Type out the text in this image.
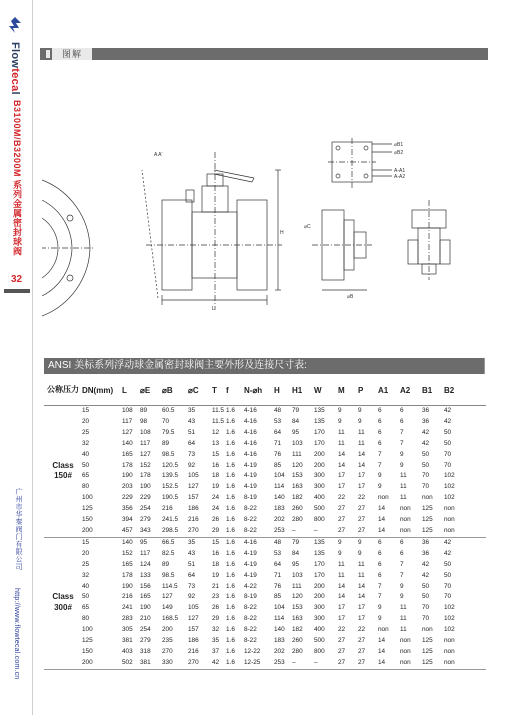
Flowtecal
B3100M/B3200M 系列金属密封球阀
32
广州市华秦阀门有限公司
http://www.flowtecal.com.cn
图解
A A'
L
H
⌀B1
⌀B2
A-A1
A-A2
⌀B
⌀C
ANSI 美标系列浮动球金属密封球阀主要外形及连接尺寸表:
公称压力	DN(mm)	L	⌀E	⌀B	⌀C	T	f	N-⌀h	H	H1	W	M	P	A1	A2	B1	B2

Class
150#	15	108	89	60.5	35	11.5	1.6	4-16	48	79	135	9	9	6	6	36	42
	20	117	98	70	43	11.5	1.6	4-16	53	84	135	9	9	6	6	36	42
	25	127	108	79.5	51	12	1.6	4-16	64	95	170	11	11	6	7	42	50
	32	140	117	89	64	13	1.6	4-16	71	103	170	11	11	6	7	42	50
	40	165	127	98.5	73	15	1.6	4-16	76	111	200	14	14	7	9	50	70
	50	178	152	120.5	92	16	1.6	4-19	85	120	200	14	14	7	9	50	70
	65	190	178	139.5	105	18	1.6	4-19	104	153	300	17	17	9	11	70	102
	80	203	190	152.5	127	19	1.6	4-19	114	163	300	17	17	9	11	70	102
	100	229	229	190.5	157	24	1.6	8-19	140	182	400	22	22	non	11	non	102
	125	356	254	216	186	24	1.6	8-22	183	260	500	27	27	14	non	125	non
	150	394	279	241.5	216	26	1.6	8-22	202	280	800	27	27	14	non	125	non
	200	457	343	298.5	270	29	1.6	8-22	253	–	–	27	27	14	non	125	non

Class
300#	15	140	95	66.5	35	15	1.6	4-16	48	79	135	9	9	6	6	36	42
	20	152	117	82.5	43	16	1.6	4-19	53	84	135	9	9	6	6	36	42
	25	165	124	89	51	18	1.6	4-19	64	95	170	11	11	6	7	42	50
	32	178	133	98.5	64	19	1.6	4-19	71	103	170	11	11	6	7	42	50
	40	190	156	114.5	73	21	1.6	4-22	76	111	200	14	14	7	9	50	70
	50	216	165	127	92	23	1.6	8-19	85	120	200	14	14	7	9	50	70
	65	241	190	149	105	26	1.6	8-22	104	153	300	17	17	9	11	70	102
	80	283	210	168.5	127	29	1.6	8-22	114	163	300	17	17	9	11	70	102
	100	305	254	200	157	32	1.6	8-22	140	182	400	22	22	non	11	non	102
	125	381	279	235	186	35	1.6	8-22	183	260	500	27	27	14	non	125	non
	150	403	318	270	216	37	1.6	12-22	202	280	800	27	27	14	non	125	non
	200	502	381	330	270	42	1.6	12-25	253	–	–	27	27	14	non	125	non
